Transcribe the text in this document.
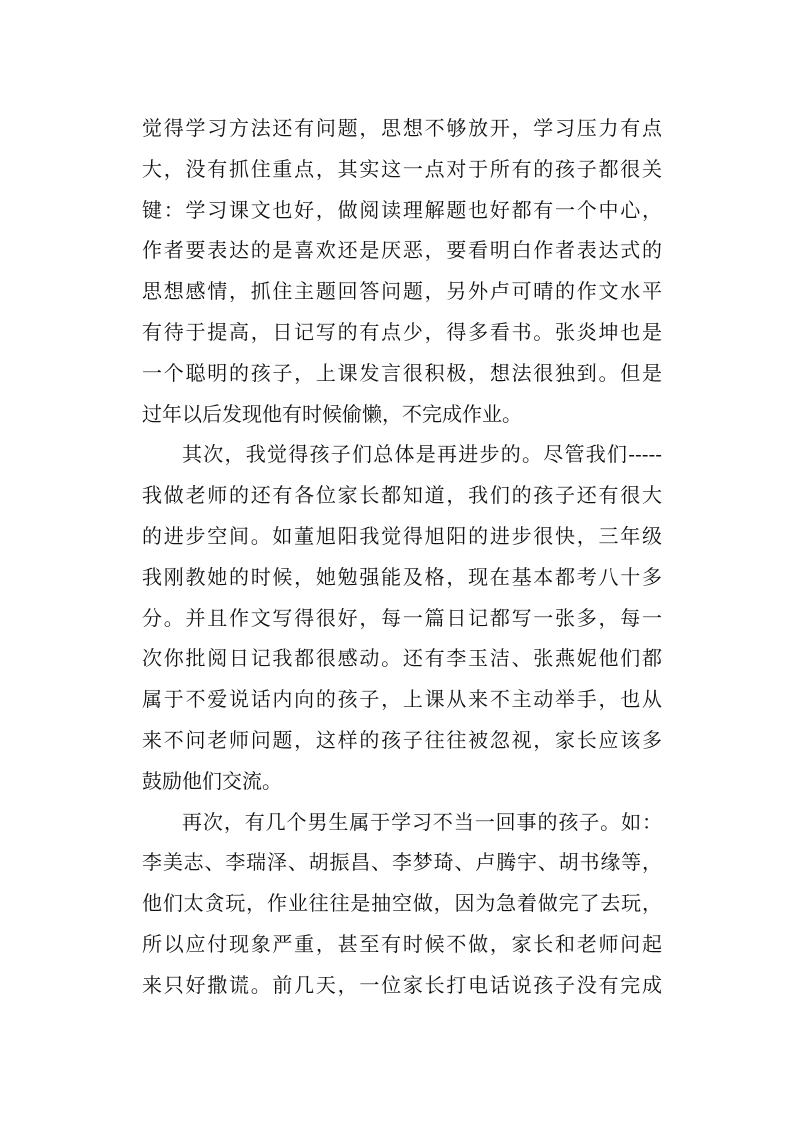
觉得学习方法还有问题，思想不够放开，学习压力有点
大，没有抓住重点，其实这一点对于所有的孩子都很关
键：学习课文也好，做阅读理解题也好都有一个中心，
作者要表达的是喜欢还是厌恶，要看明白作者表达式的
思想感情，抓住主题回答问题，另外卢可晴的作文水平
有待于提高，日记写的有点少，得多看书。张炎坤也是
一个聪明的孩子，上课发言很积极，想法很独到。但是
过年以后发现他有时候偷懒，不完成作业。
其次，我觉得孩子们总体是再进步的。尽管我们-----
我做老师的还有各位家长都知道，我们的孩子还有很大
的进步空间。如董旭阳我觉得旭阳的进步很快，三年级
我刚教她的时候，她勉强能及格，现在基本都考八十多
分。并且作文写得很好，每一篇日记都写一张多，每一
次你批阅日记我都很感动。还有李玉洁、张燕妮他们都
属于不爱说话内向的孩子，上课从来不主动举手，也从
来不问老师问题，这样的孩子往往被忽视，家长应该多
鼓励他们交流。
再次，有几个男生属于学习不当一回事的孩子。如：
李美志、李瑞泽、胡振昌、李梦琦、卢腾宇、胡书缘等，
他们太贪玩，作业往往是抽空做，因为急着做完了去玩，
所以应付现象严重，甚至有时候不做，家长和老师问起
来只好撒谎。前几天，一位家长打电话说孩子没有完成
